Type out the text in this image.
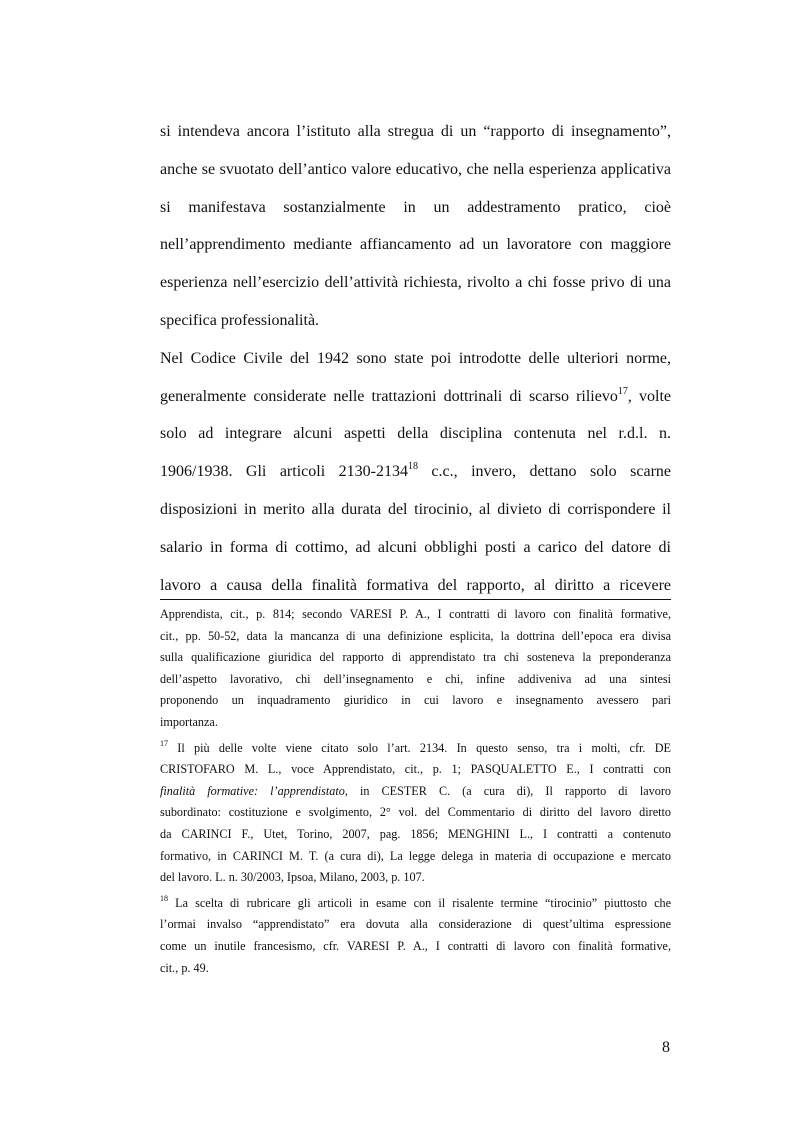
si intendeva ancora l’istituto alla stregua di un “rapporto di insegnamento”,
anche se svuotato dell’antico valore educativo, che nella esperienza applicativa
si manifestava sostanzialmente in un addestramento pratico, cioè
nell’apprendimento mediante affiancamento ad un lavoratore con maggiore
esperienza nell’esercizio dell’attività richiesta, rivolto a chi fosse privo di una
specifica professionalità.
Nel Codice Civile del 1942 sono state poi introdotte delle ulteriori norme,
generalmente considerate nelle trattazioni dottrinali di scarso rilievo$^{17}$, volte
solo ad integrare alcuni aspetti della disciplina contenuta nel r.d.l. n.
1906/1938. Gli articoli 2130-2134$^{18}$ c.c., invero, dettano solo scarne
disposizioni in merito alla durata del tirocinio, al divieto di corrispondere il
salario in forma di cottimo, ad alcuni obblighi posti a carico del datore di
lavoro a causa della finalità formativa del rapporto, al diritto a ricevere
Apprendista, cit., p. 814; secondo VARESI P. A., I contratti di lavoro con finalità formative,
cit., pp. 50-52, data la mancanza di una definizione esplicita, la dottrina dell’epoca era divisa
sulla qualificazione giuridica del rapporto di apprendistato tra chi sosteneva la preponderanza
dell’aspetto lavorativo, chi dell’insegnamento e chi, infine addiveniva ad una sintesi
proponendo un inquadramento giuridico in cui lavoro e insegnamento avessero pari
importanza.
$^{17}$ Il più delle volte viene citato solo l’art. 2134. In questo senso, tra i molti, cfr. DE
CRISTOFARO M. L., voce Apprendistato, cit., p. 1; PASQUALETTO E., I contratti con
finalità formative: l’apprendistato, in CESTER C. (a cura di), Il rapporto di lavoro
subordinato: costituzione e svolgimento, 2° vol. del Commentario di diritto del lavoro diretto
da CARINCI F., Utet, Torino, 2007, pag. 1856; MENGHINI L., I contratti a contenuto
formativo, in CARINCI M. T. (a cura di), La legge delega in materia di occupazione e mercato
del lavoro. L. n. 30/2003, Ipsoa, Milano, 2003, p. 107.
$^{18}$ La scelta di rubricare gli articoli in esame con il risalente termine “tirocinio” piuttosto che
l’ormai invalso “apprendistato” era dovuta alla considerazione di quest’ultima espressione
come un inutile francesismo, cfr. VARESI P. A., I contratti di lavoro con finalità formative,
cit., p. 49.
8
